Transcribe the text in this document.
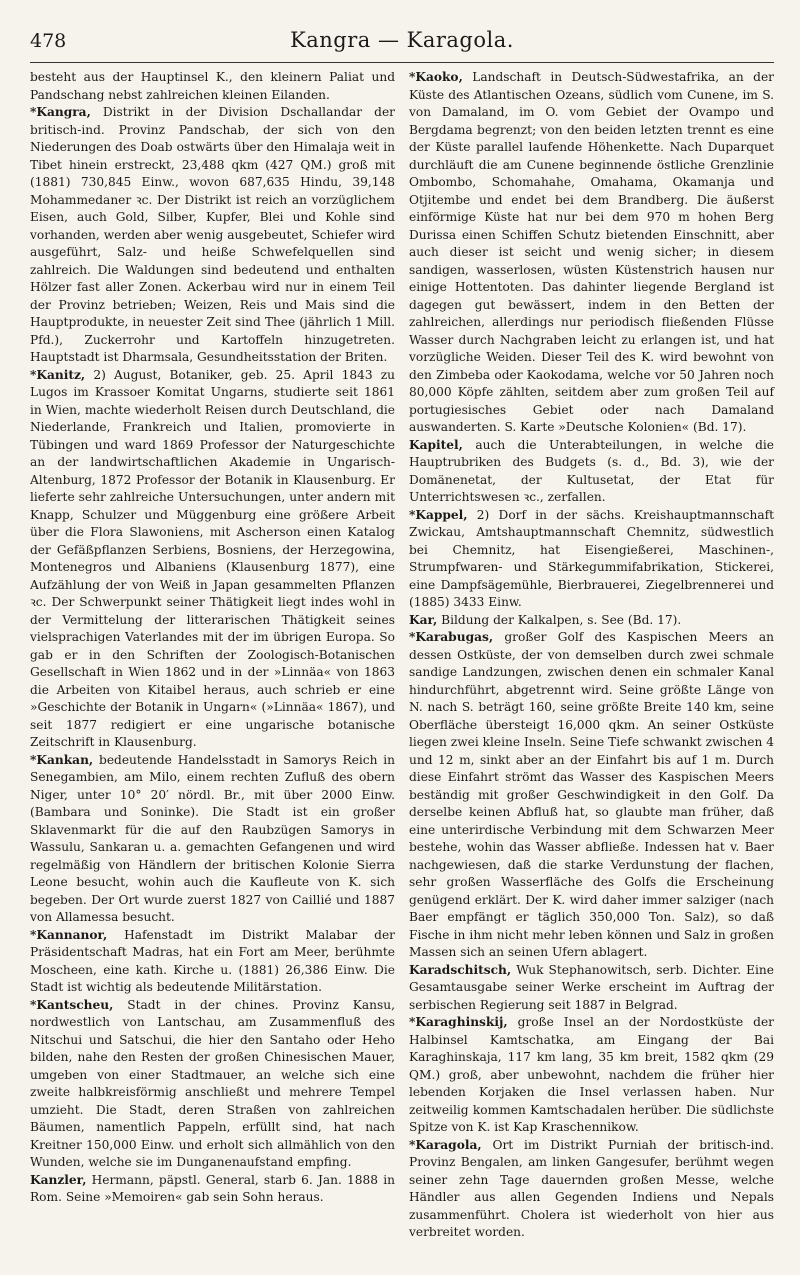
478	Kangra — Karagola.

besteht aus der Hauptinsel K., den kleinern Paliat und Pandschang nebst zahlreichen kleinen Eilanden.

*Kangra, Distrikt in der Division Dschallandar der britisch-ind. Provinz Pandschab, der sich von den Niederungen des Doab ostwärts über den Himalaja weit in Tibet hinein erstreckt, 23,488 qkm (427 QM.) groß mit (1881) 730,845 Einw., wovon 687,635 Hindu, 39,148 Mohammedaner ꝛc. Der Distrikt ist reich an vorzüglichem Eisen, auch Gold, Silber, Kupfer, Blei und Kohle sind vorhanden, werden aber wenig ausgebeutet, Schiefer wird ausgeführt, Salz- und heiße Schwefelquellen sind zahlreich. Die Waldungen sind bedeutend und enthalten Hölzer fast aller Zonen. Ackerbau wird nur in einem Teil der Provinz betrieben; Weizen, Reis und Mais sind die Hauptprodukte, in neuester Zeit sind Thee (jährlich 1 Mill. Pfd.), Zuckerrohr und Kartoffeln hinzugetreten. Hauptstadt ist Dharmsala, Gesundheitsstation der Briten.

*Kanitz, 2) August, Botaniker, geb. 25. April 1843 zu Lugos im Krassoer Komitat Ungarns, studierte seit 1861 in Wien, machte wiederholt Reisen durch Deutschland, die Niederlande, Frankreich und Italien, promovierte in Tübingen und ward 1869 Professor der Naturgeschichte an der landwirtschaftlichen Akademie in Ungarisch-Altenburg, 1872 Professor der Botanik in Klausenburg. Er lieferte sehr zahlreiche Untersuchungen, unter andern mit Knapp, Schulzer und Müggenburg eine größere Arbeit über die Flora Slawoniens, mit Ascherson einen Katalog der Gefäßpflanzen Serbiens, Bosniens, der Herzegowina, Montenegros und Albaniens (Klausenburg 1877), eine Aufzählung der von Weiß in Japan gesammelten Pflanzen ꝛc. Der Schwerpunkt seiner Thätigkeit liegt indes wohl in der Vermittelung der litterarischen Thätigkeit seines vielsprachigen Vaterlandes mit der im übrigen Europa. So gab er in den Schriften der Zoologisch-Botanischen Gesellschaft in Wien 1862 und in der »Linnäa« von 1863 die Arbeiten von Kitaibel heraus, auch schrieb er eine »Geschichte der Botanik in Ungarn« (»Linnäa« 1867), und seit 1877 redigiert er eine ungarische botanische Zeitschrift in Klausenburg.

*Kankan, bedeutende Handelsstadt in Samorys Reich in Senegambien, am Milo, einem rechten Zufluß des obern Niger, unter 10° 20′ nördl. Br., mit über 2000 Einw. (Bambara und Soninke). Die Stadt ist ein großer Sklavenmarkt für die auf den Raubzügen Samorys in Wassulu, Sankaran u. a. gemachten Gefangenen und wird regelmäßig von Händlern der britischen Kolonie Sierra Leone besucht, wohin auch die Kaufleute von K. sich begeben. Der Ort wurde zuerst 1827 von Caillié und 1887 von Allamessa besucht.

*Kannanor, Hafenstadt im Distrikt Malabar der Präsidentschaft Madras, hat ein Fort am Meer, berühmte Moscheen, eine kath. Kirche u. (1881) 26,386 Einw. Die Stadt ist wichtig als bedeutende Militärstation.

*Kantscheu, Stadt in der chines. Provinz Kansu, nordwestlich von Lantschau, am Zusammenfluß des Nitschui und Satschui, die hier den Santaho oder Heho bilden, nahe den Resten der großen Chinesischen Mauer, umgeben von einer Stadtmauer, an welche sich eine zweite halbkreisförmig anschließt und mehrere Tempel umzieht. Die Stadt, deren Straßen von zahlreichen Bäumen, namentlich Pappeln, erfüllt sind, hat nach Kreitner 150,000 Einw. und erholt sich allmählich von den Wunden, welche sie im Dunganenaufstand empfing.

Kanzler, Hermann, päpstl. General, starb 6. Jan. 1888 in Rom. Seine »Memoiren« gab sein Sohn heraus.

*Kaoko, Landschaft in Deutsch-Südwestafrika, an der Küste des Atlantischen Ozeans, südlich vom Cunene, im S. von Damaland, im O. vom Gebiet der Ovampo und Bergdama begrenzt; von den beiden letzten trennt es eine der Küste parallel laufende Höhenkette. Nach Duparquet durchläuft die am Cunene beginnende östliche Grenzlinie Ombombo, Schomahahe, Omahama, Okamanja und Otjitembe und endet bei dem Brandberg. Die äußerst einförmige Küste hat nur bei dem 970 m hohen Berg Durissa einen Schiffen Schutz bietenden Einschnitt, aber auch dieser ist seicht und wenig sicher; in diesem sandigen, wasserlosen, wüsten Küstenstrich hausen nur einige Hottentoten. Das dahinter liegende Bergland ist dagegen gut bewässert, indem in den Betten der zahlreichen, allerdings nur periodisch fließenden Flüsse Wasser durch Nachgraben leicht zu erlangen ist, und hat vorzügliche Weiden. Dieser Teil des K. wird bewohnt von den Zimbeba oder Kaokodama, welche vor 50 Jahren noch 80,000 Köpfe zählten, seitdem aber zum großen Teil auf portugiesisches Gebiet oder nach Damaland auswanderten. S. Karte »Deutsche Kolonien« (Bd. 17).

Kapitel, auch die Unterabteilungen, in welche die Hauptrubriken des Budgets (s. d., Bd. 3), wie der Domänenetat, der Kultusetat, der Etat für Unterrichtswesen ꝛc., zerfallen.

*Kappel, 2) Dorf in der sächs. Kreishauptmannschaft Zwickau, Amtshauptmannschaft Chemnitz, südwestlich bei Chemnitz, hat Eisengießerei, Maschinen-, Strumpfwaren- und Stärkegummifabrikation, Stickerei, eine Dampfsägemühle, Bierbrauerei, Ziegelbrennerei und (1885) 3433 Einw.

Kar, Bildung der Kalkalpen, s. See (Bd. 17).

*Karabugas, großer Golf des Kaspischen Meers an dessen Ostküste, der von demselben durch zwei schmale sandige Landzungen, zwischen denen ein schmaler Kanal hindurchführt, abgetrennt wird. Seine größte Länge von N. nach S. beträgt 160, seine größte Breite 140 km, seine Oberfläche übersteigt 16,000 qkm. An seiner Ostküste liegen zwei kleine Inseln. Seine Tiefe schwankt zwischen 4 und 12 m, sinkt aber an der Einfahrt bis auf 1 m. Durch diese Einfahrt strömt das Wasser des Kaspischen Meers beständig mit großer Geschwindigkeit in den Golf. Da derselbe keinen Abfluß hat, so glaubte man früher, daß eine unterirdische Verbindung mit dem Schwarzen Meer bestehe, wohin das Wasser abfließe. Indessen hat v. Baer nachgewiesen, daß die starke Verdunstung der flachen, sehr großen Wasserfläche des Golfs die Erscheinung genügend erklärt. Der K. wird daher immer salziger (nach Baer empfängt er täglich 350,000 Ton. Salz), so daß Fische in ihm nicht mehr leben können und Salz in großen Massen sich an seinen Ufern ablagert.

Karadschitsch, Wuk Stephanowitsch, serb. Dichter. Eine Gesamtausgabe seiner Werke erscheint im Auftrag der serbischen Regierung seit 1887 in Belgrad.

*Karaghinskij, große Insel an der Nordostküste der Halbinsel Kamtschatka, am Eingang der Bai Karaghinskaja, 117 km lang, 35 km breit, 1582 qkm (29 QM.) groß, aber unbewohnt, nachdem die früher hier lebenden Korjaken die Insel verlassen haben. Nur zeitweilig kommen Kamtschadalen herüber. Die südlichste Spitze von K. ist Kap Kraschennikow.

*Karagola, Ort im Distrikt Purniah der britisch-ind. Provinz Bengalen, am linken Gangesufer, berühmt wegen seiner zehn Tage dauernden großen Messe, welche Händler aus allen Gegenden Indiens und Nepals zusammenführt. Cholera ist wiederholt von hier aus verbreitet worden.
